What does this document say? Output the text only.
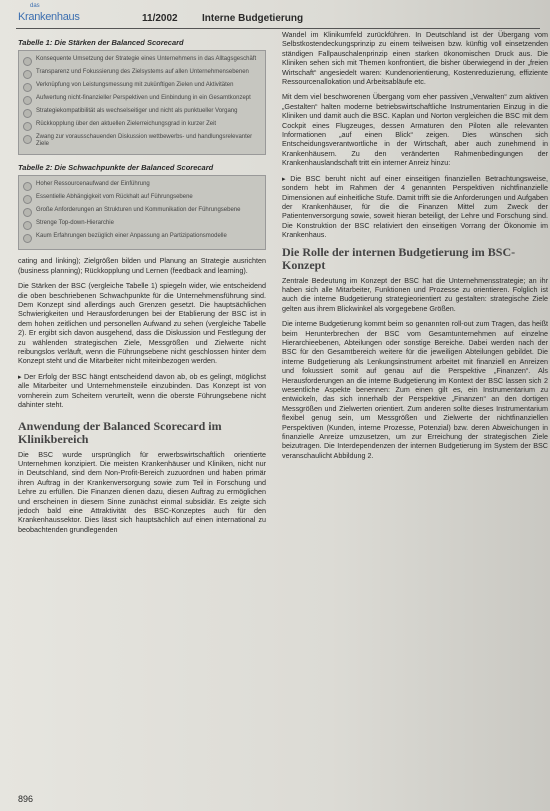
das
Krankenhaus	11/2002 Interne Budgetierung
Tabelle 1: Die Stärken der Balanced Scorecard
Konsequente Umsetzung der Strategie eines Unternehmens in das Alltagsgeschäft
Transparenz und Fokussierung des Zielsystems auf allen Unternehmensebenen
Verknüpfung von Leistungsmessung mit zukünftigen Zielen und Aktivitäten
Aufwertung nicht-finanzieller Perspektiven und Einbindung in ein Gesamtkonzept
Strategiekompatibilität als wechselseitiger und nicht als punktueller Vorgang
Rückkopplung über den aktuellen Zielerreichungsgrad in kurzer Zeit
Zwang zur vorausschauenden Diskussion wettbewerbs- und handlungsrelevanter Ziele
Tabelle 2: Die Schwachpunkte der Balanced Scorecard
Hoher Ressourcenaufwand der Einführung
Essentielle Abhängigkeit vom Rückhalt auf Führungsebene
Große Anforderungen an Strukturen und Kommunikation der Führungsebene
Strenge Top-down-Hierarchie
Kaum Erfahrungen bezüglich einer Anpassung an Partizipationsmodelle

cating and linking); Zielgrößen bilden und Planung an Strategie ausrichten (business planning); Rückkopplung und Lernen (feedback and learning).

Die Stärken der BSC (vergleiche Tabelle 1) spiegeln wider, wie entscheidend die oben beschriebenen Schwachpunkte für die Unternehmensführung sind. Dem Konzept sind allerdings auch Grenzen gesetzt. Die hauptsächlichen Schwierigkeiten und Herausforderungen bei der Etablierung der BSC ist in dem hohen zeitlichen und personellen Aufwand zu sehen (vergleiche Tabelle 2). Er ergibt sich davon ausgehend, dass die Diskussion und Festlegung der zu wählenden strategischen Ziele, Messgrößen und Zielwerte nicht reibungslos verläuft, wenn die Führungsebene nicht geschlossen hinter dem Konzept steht und die Mitarbeiter nicht miteinbezogen werden.

▸ Der Erfolg der BSC hängt entscheidend davon ab, ob es gelingt, möglichst alle Mitarbeiter und Unternehmensteile einzubinden. Das Konzept ist von vornherein zum Scheitern verurteilt, wenn die oberste Führungsebene nicht dahinter steht.

Anwendung der Balanced Scorecard im Klinikbereich

Die BSC wurde ursprünglich für erwerbswirtschaftlich orientierte Unternehmen konzipiert. Die meisten Krankenhäuser und Kliniken, nicht nur in Deutschland, sind dem Non-Profit-Bereich zuzuordnen und haben primär ihren Auftrag in der Krankenversorgung sowie zum Teil in Forschung und Lehre zu erfüllen. Die Finanzen dienen dazu, diesen Auftrag zu ermöglichen und erscheinen in diesem Sinne zunächst einmal subsidiär. Es zeigte sich jedoch bald eine Attraktivität des BSC-Konzeptes auch für den Krankenhaussektor. Dies lässt sich hauptsächlich auf einen international zu beobachtenden grundlegenden

896

Wandel im Klinikumfeld zurückführen. In Deutschland ist der Übergang vom Selbstkostendeckungsprinzip zu einem teilweisen bzw. künftig voll einsetzenden ständigen Fallpauschalenprinzip einen starken ökonomischen Druck aus. Die Kliniken sehen sich mit Themen konfrontiert, die bisher überwiegend in der „freien Wirtschaft“ angesiedelt waren: Kundenorientierung, Kostenreduzierung, effiziente Ressourcenallokation und Arbeitsabläufe etc.

Mit dem viel beschworenen Übergang vom eher passiven „Verwalten“ zum aktiven „Gestalten“ halten moderne betriebswirtschaftliche Instrumentarien Einzug in die Kliniken und damit auch die BSC. Kaplan und Norton vergleichen die BSC mit dem Cockpit eines Flugzeuges, dessen Armaturen den Piloten alle relevanten Informationen „auf einen Blick“ zeigen. Dies wünschen sich Entscheidungsverantwortliche in der Wirtschaft, aber auch zunehmend in Krankenhäusern. Zu den veränderten Rahmenbedingungen der Krankenhauslandschaft tritt ein interner Anreiz hinzu:

▸ Die BSC beruht nicht auf einer einseitigen finanziellen Betrachtungsweise, sondern hebt im Rahmen der 4 genannten Perspektiven nichtfinanzielle Dimensionen auf einheitliche Stufe. Damit trifft sie die Anforderungen und Aufgaben der Krankenhäuser, für die die Finanzen Mittel zum Zweck der Patientenversorgung sowie, soweit hieran beteiligt, der Lehre und Forschung sind. Die Konstruktion der BSC relativiert den einseitigen Vorrang der Ökonomie im Krankenhaus.

Die Rolle der internen Budgetierung im BSC-Konzept

Zentrale Bedeutung im Konzept der BSC hat die Unternehmensstrategie; an ihr haben sich alle Mitarbeiter, Funktionen und Prozesse zu orientieren. Folglich ist auch die interne Budgetierung strategieorientiert zu gestalten: strategische Ziele gelten aus ihrem Blickwinkel als vorgegebene Größen.

Die interne Budgetierung kommt beim so genannten roll-out zum Tragen, das heißt beim Herunterbrechen der BSC vom Gesamtunternehmen auf einzelne Hierarchieebenen, Abteilungen oder sonstige Bereiche. Dabei werden nach der BSC für den Gesamtbereich weitere für die jeweiligen Abteilungen gebildet. Die interne Budgetierung als Lenkungsinstrument arbeitet mit finanziell en Anreizen und fokussiert somit auf genau auf die Perspektive „Finanzen“. Als Herausforderungen an die interne Budgetierung im Kontext der BSC lassen sich 2 wesentliche Aspekte benennen: Zum einen gilt es, ein Instrumentarium zu entwickeln, das sich innerhalb der Perspektive „Finanzen“ an den dortigen Messgrößen und Zielwerten orientiert. Zum anderen sollte dieses Instrumentarium flexibel genug sein, um Messgrößen und Zielwerte der nichtfinanziellen Perspektiven (Kunden, interne Prozesse, Potenzial) bzw. deren Abweichungen in finanzielle Anreize umzusetzen, um zur Erreichung der strategischen Ziele beizutragen. Die Interdependenzen der internen Budgetierung im System der BSC veranschaulicht Abbildung 2.
